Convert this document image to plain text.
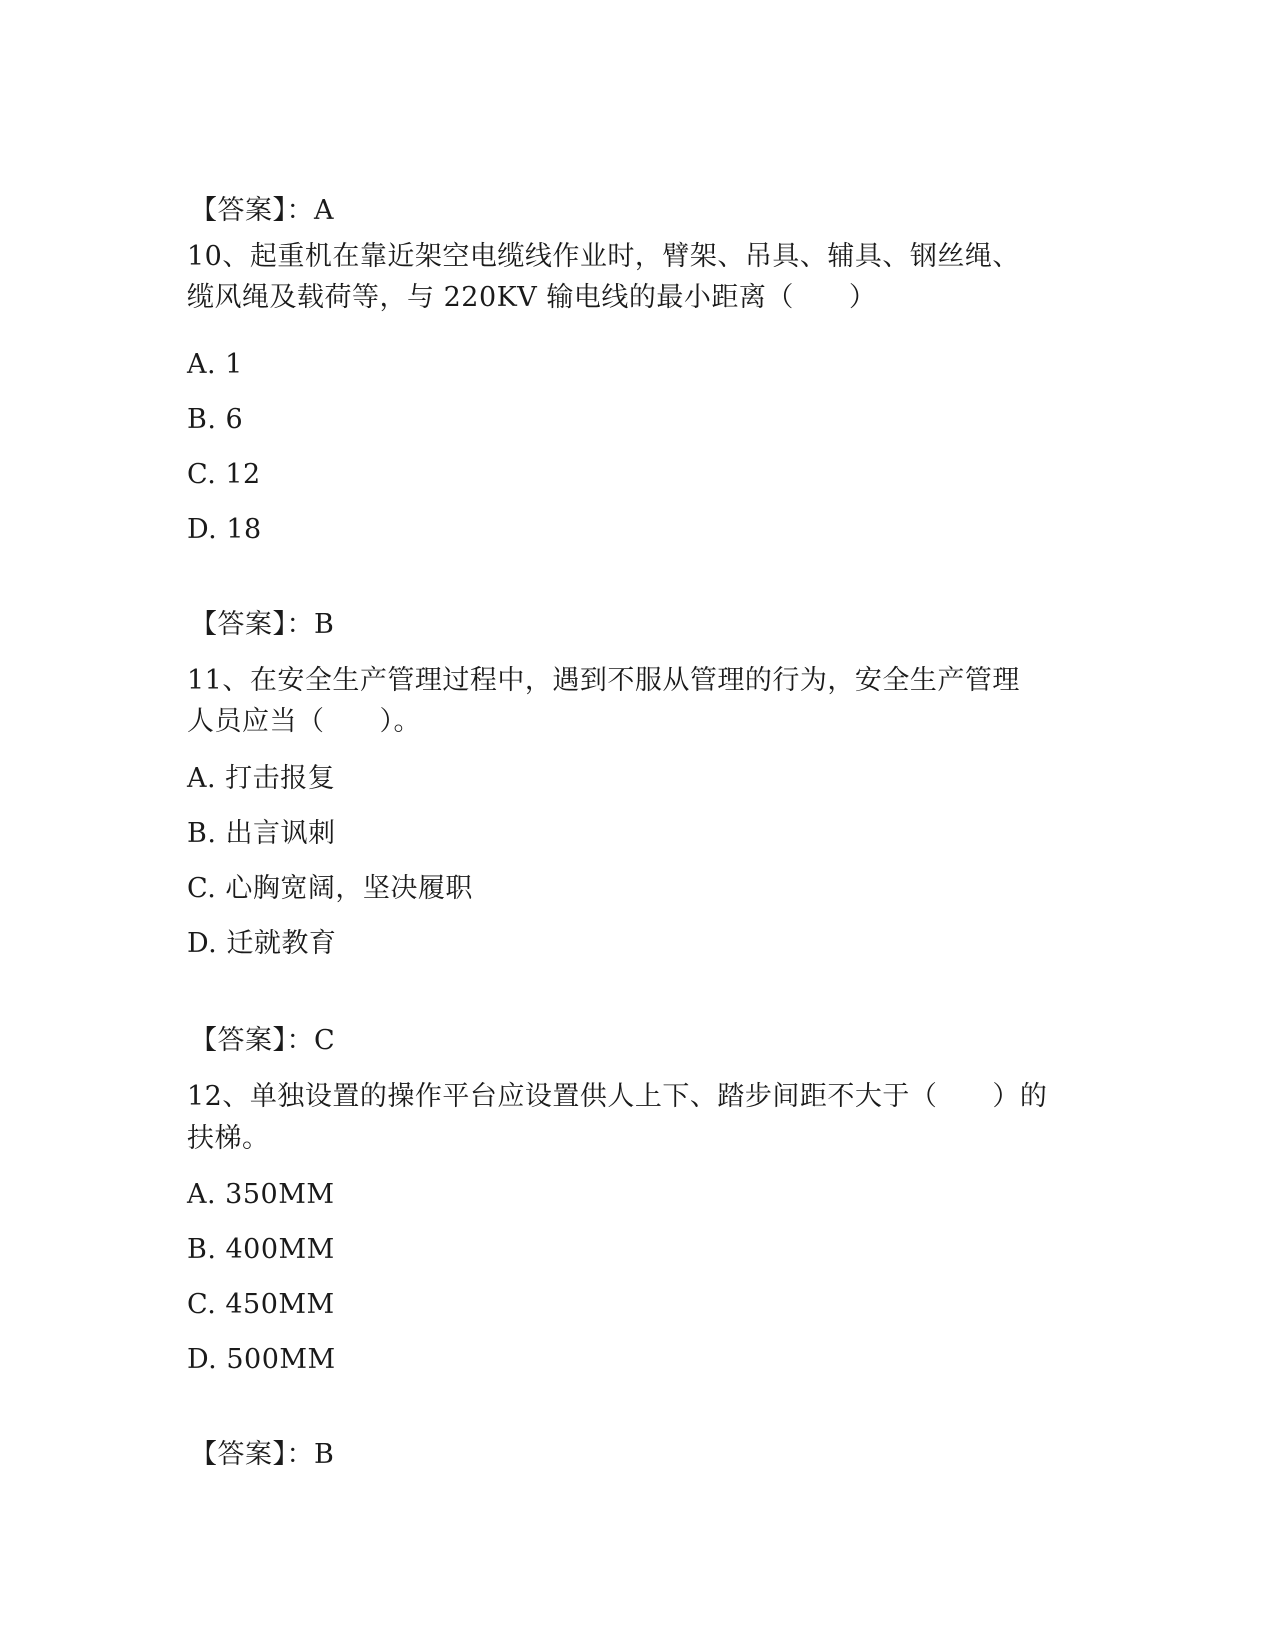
【答案】：A
10、起重机在靠近架空电缆线作业时，臂架、吊具、辅具、钢丝绳、
缆风绳及载荷等，与 220KV 输电线的最小距离（　　）
A. 1
B. 6
C. 12
D. 18
【答案】：B
11、在安全生产管理过程中，遇到不服从管理的行为，安全生产管理
人员应当（　　）。
A. 打击报复
B. 出言讽刺
C. 心胸宽阔，坚决履职
D. 迁就教育
【答案】：C
12、单独设置的操作平台应设置供人上下、踏步间距不大于（　　）的
扶梯。
A. 350MM
B. 400MM
C. 450MM
D. 500MM
【答案】：B
